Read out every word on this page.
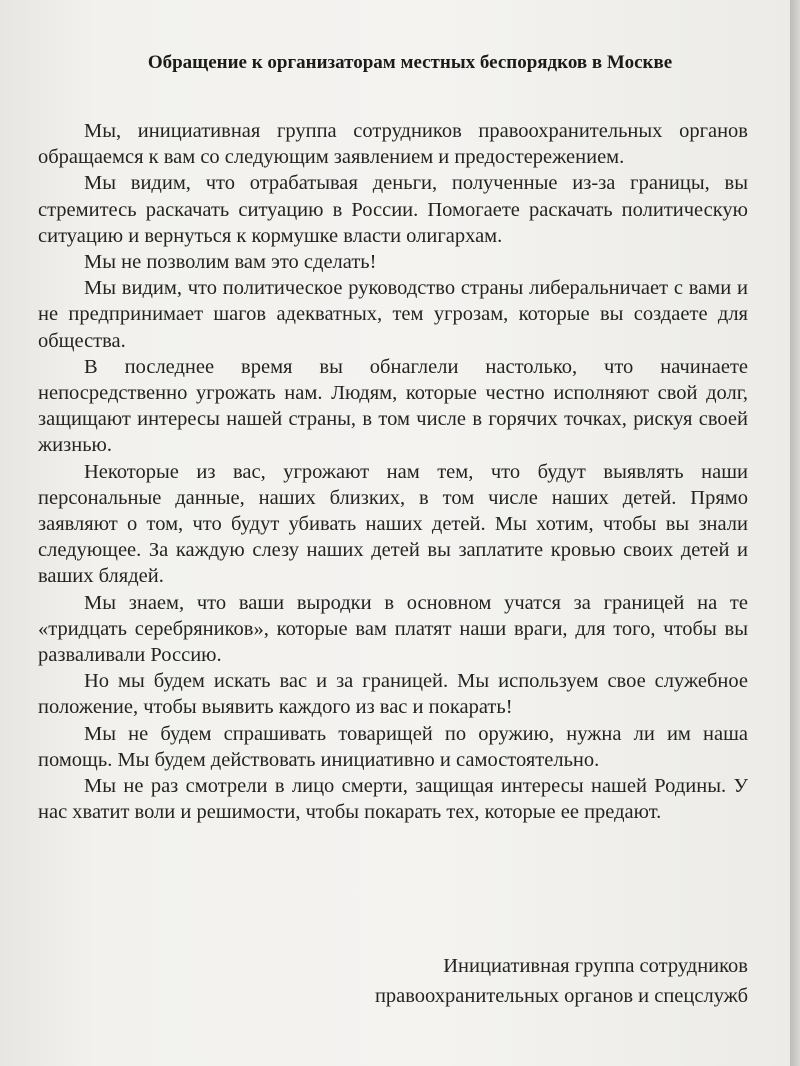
Обращение к организаторам местных беспорядков в Москве

Мы, инициативная группа сотрудников правоохранительных органов обращаемся к вам со следующим заявлением и предостережением.

Мы видим, что отрабатывая деньги, полученные из-за границы, вы стремитесь раскачать ситуацию в России. Помогаете раскачать политическую ситуацию и вернуться к кормушке власти олигархам.

Мы не позволим вам это сделать!

Мы видим, что политическое руководство страны либеральничает с вами и не предпринимает шагов адекватных, тем угрозам, которые вы создаете для общества.

В последнее время вы обнаглели настолько, что начинаете непосредственно угрожать нам. Людям, которые честно исполняют свой долг, защищают интересы нашей страны, в том числе в горячих точках, рискуя своей жизнью.

Некоторые из вас, угрожают нам тем, что будут выявлять наши персональные данные, наших близких, в том числе наших детей. Прямо заявляют о том, что будут убивать наших детей. Мы хотим, чтобы вы знали следующее. За каждую слезу наших детей вы заплатите кровью своих детей и ваших блядей.

Мы знаем, что ваши выродки в основном учатся за границей на те «тридцать серебряников», которые вам платят наши враги, для того, чтобы вы разваливали Россию.

Но мы будем искать вас и за границей. Мы используем свое служебное положение, чтобы выявить каждого из вас и покарать!

Мы не будем спрашивать товарищей по оружию, нужна ли им наша помощь. Мы будем действовать инициативно и самостоятельно.

Мы не раз смотрели в лицо смерти, защищая интересы нашей Родины. У нас хватит воли и решимости, чтобы покарать тех, которые ее предают.

Инициативная группа сотрудников
правоохранительных органов и спецслужб
